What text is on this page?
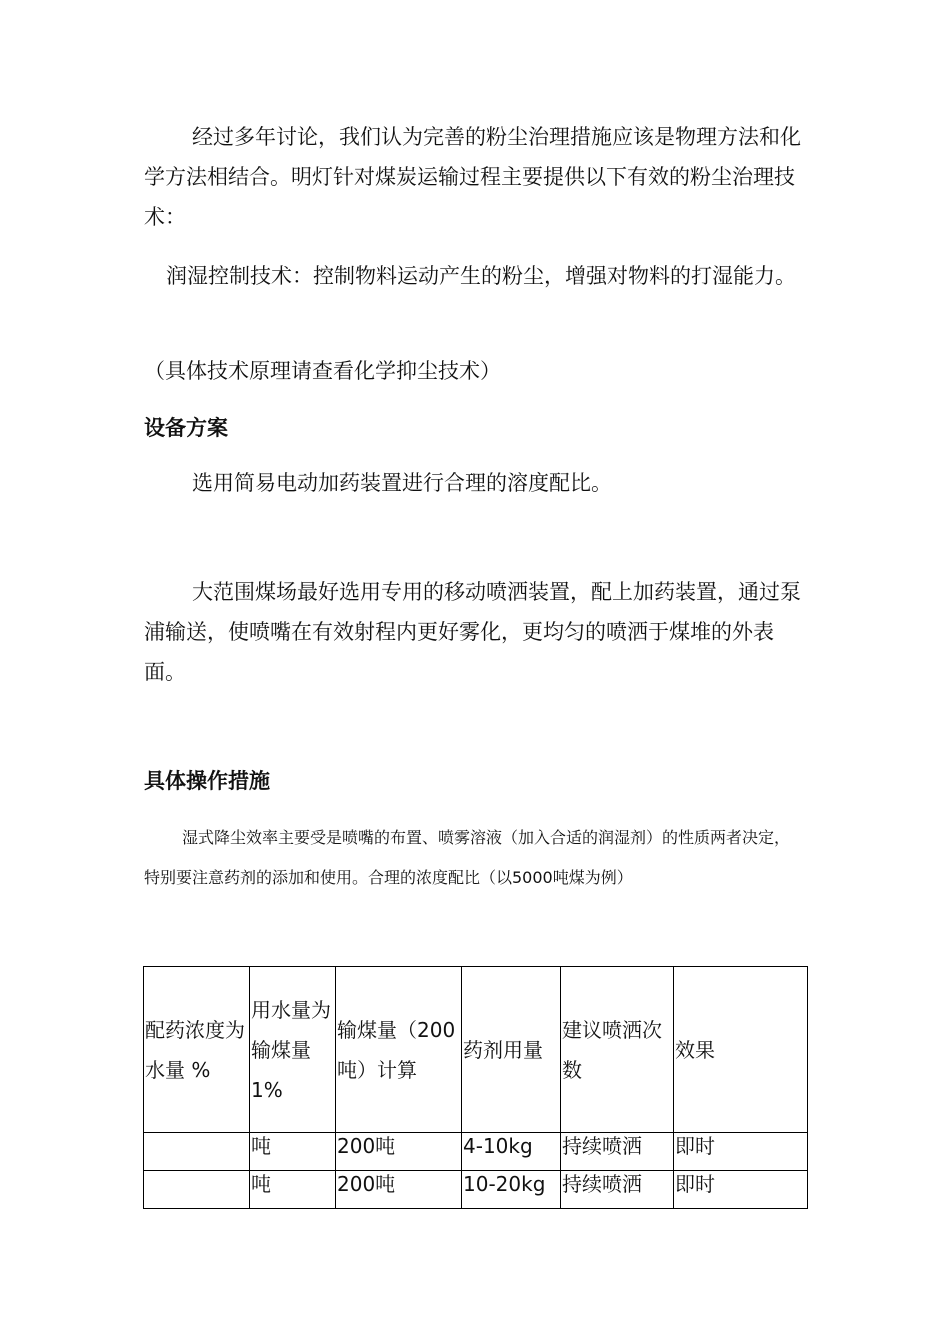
经过多年讨论，我们认为完善的粉尘治理措施应该是物理方法和化学方法相结合。明灯针对煤炭运输过程主要提供以下有效的粉尘治理技术：

润湿控制技术：控制物料运动产生的粉尘，增强对物料的打湿能力。

（具体技术原理请查看化学抑尘技术）

设备方案

选用简易电动加药装置进行合理的溶度配比。

大范围煤场最好选用专用的移动喷洒装置，配上加药装置，通过泵浦输送，使喷嘴在有效射程内更好雾化，更均匀的喷洒于煤堆的外表面。

具体操作措施

湿式降尘效率主要受是喷嘴的布置、喷雾溶液（加入合适的润湿剂）的性质两者决定，特别要注意药剂的添加和使用。合理的浓度配比（以5000吨煤为例）

配药浓度为水量 %	用水量为输煤量1%	输煤量（200吨）计算	药剂用量	建议喷洒次数	效果
	吨	200吨	4-10kg	持续喷洒	即时
	吨	200吨	10-20kg	持续喷洒	即时
